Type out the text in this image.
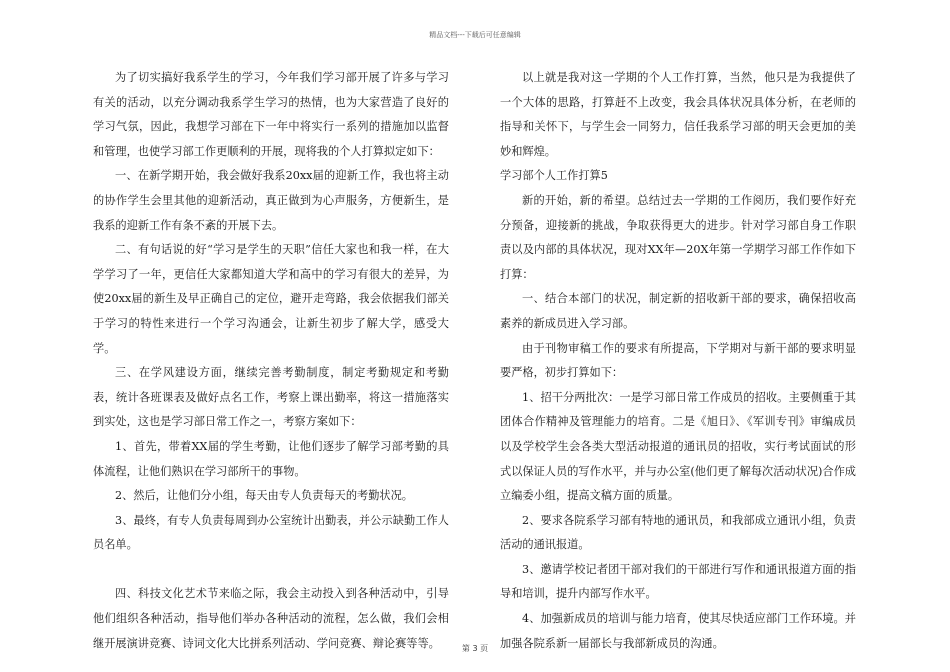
精品文档---下载后可任意编辑

为了切实搞好我系学生的学习，今年我们学习部开展了许多与学习有关的活动，以充分调动我系学生学习的热情，也为大家营造了良好的学习气氛，因此，我想学习部在下一年中将实行一系列的措施加以监督和管理，也使学习部工作更顺利的开展，现将我的个人打算拟定如下：

一、在新学期开始，我会做好我系20xx届的迎新工作，我也将主动的协作学生会里其他的迎新活动，真正做到为心声服务，方便新生，是我系的迎新工作有条不紊的开展下去。

二、有句话说的好“学习是学生的天职”信任大家也和我一样，在大学学习了一年，更信任大家都知道大学和高中的学习有很大的差异，为使20xx届的新生及早正确自己的定位，避开走弯路，我会依据我们部关于学习的特性来进行一个学习沟通会，让新生初步了解大学，感受大学。

三、在学风建设方面，继续完善考勤制度，制定考勤规定和考勤表，统计各班课表及做好点名工作，考察上课出勤率，将这一措施落实到实处，这也是学习部日常工作之一，考察方案如下：

1、首先，带着XX届的学生考勤，让他们逐步了解学习部考勤的具体流程，让他们熟识在学习部所干的事物。

2、然后，让他们分小组，每天由专人负责每天的考勤状况。

3、最终，有专人负责每周到办公室统计出勤表，并公示缺勤工作人员名单。

四、科技文化艺术节来临之际，我会主动投入到各种活动中，引导他们组织各种活动，指导他们举办各种活动的流程，怎么做，我们会相继开展演讲竞赛、诗词文化大比拼系列活动、学问竞赛、辩论赛等等。

以上就是我对这一学期的个人工作打算，当然，他只是为我提供了一个大体的思路，打算赶不上改变，我会具体状况具体分析，在老师的指导和关怀下，与学生会一同努力，信任我系学习部的明天会更加的美妙和辉煌。

学习部个人工作打算5

新的开始，新的希望。总结过去一学期的工作阅历，我们要作好充分预备，迎接新的挑战，争取获得更大的进步。针对学习部自身工作职责以及内部的具体状况，现对XX年—20X年第一学期学习部工作作如下打算：

一、结合本部门的状况，制定新的招收新干部的要求，确保招收高素养的新成员进入学习部。

由于刊物审稿工作的要求有所提高，下学期对与新干部的要求明显要严格，初步打算如下：

1、招干分两批次：一是学习部日常工作成员的招收。主要侧重于其团体合作精神及管理能力的培育。二是《旭日》、《军训专刊》审编成员以及学校学生会各类大型活动报道的通讯员的招收，实行考试面试的形式以保证人员的写作水平，并与办公室(他们更了解每次活动状况)合作成立编委小组，提高文稿方面的质量。

2、要求各院系学习部有特地的通讯员，和我部成立通讯小组，负责活动的通讯报道。

3、邀请学校记者团干部对我们的干部进行写作和通讯报道方面的指导和培训，提升内部写作水平。

4、加强新成员的培训与能力培育，使其尽快适应部门工作环境。并加强各院系新一届部长与我部新成员的沟通。

第 3 页
